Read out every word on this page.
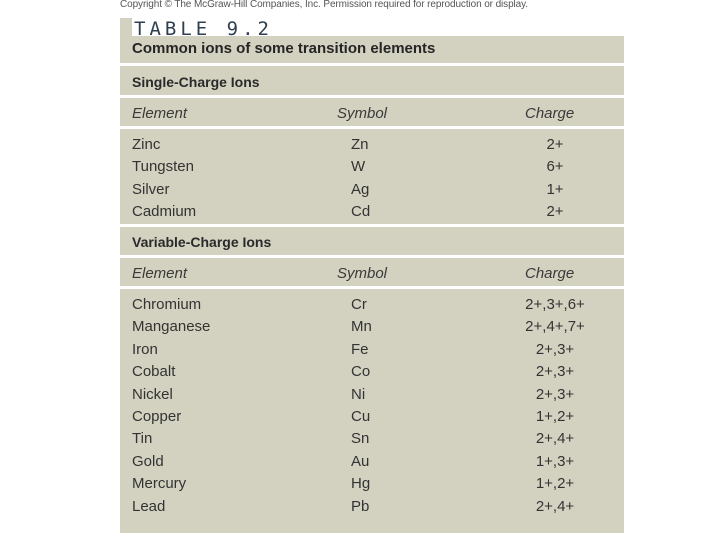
Copyright © The McGraw-Hill Companies, Inc. Permission required for reproduction or display.
TABLE 9.2
Common ions of some transition elements
Single-Charge Ions
Element	Symbol	Charge
Zinc	Zn	2+
Tungsten	W	6+
Silver	Ag	1+
Cadmium	Cd	2+
Variable-Charge Ions
Element	Symbol	Charge
Chromium	Cr	2+,3+,6+
Manganese	Mn	2+,4+,7+
Iron	Fe	2+,3+
Cobalt	Co	2+,3+
Nickel	Ni	2+,3+
Copper	Cu	1+,2+
Tin	Sn	2+,4+
Gold	Au	1+,3+
Mercury	Hg	1+,2+
Lead	Pb	2+,4+
